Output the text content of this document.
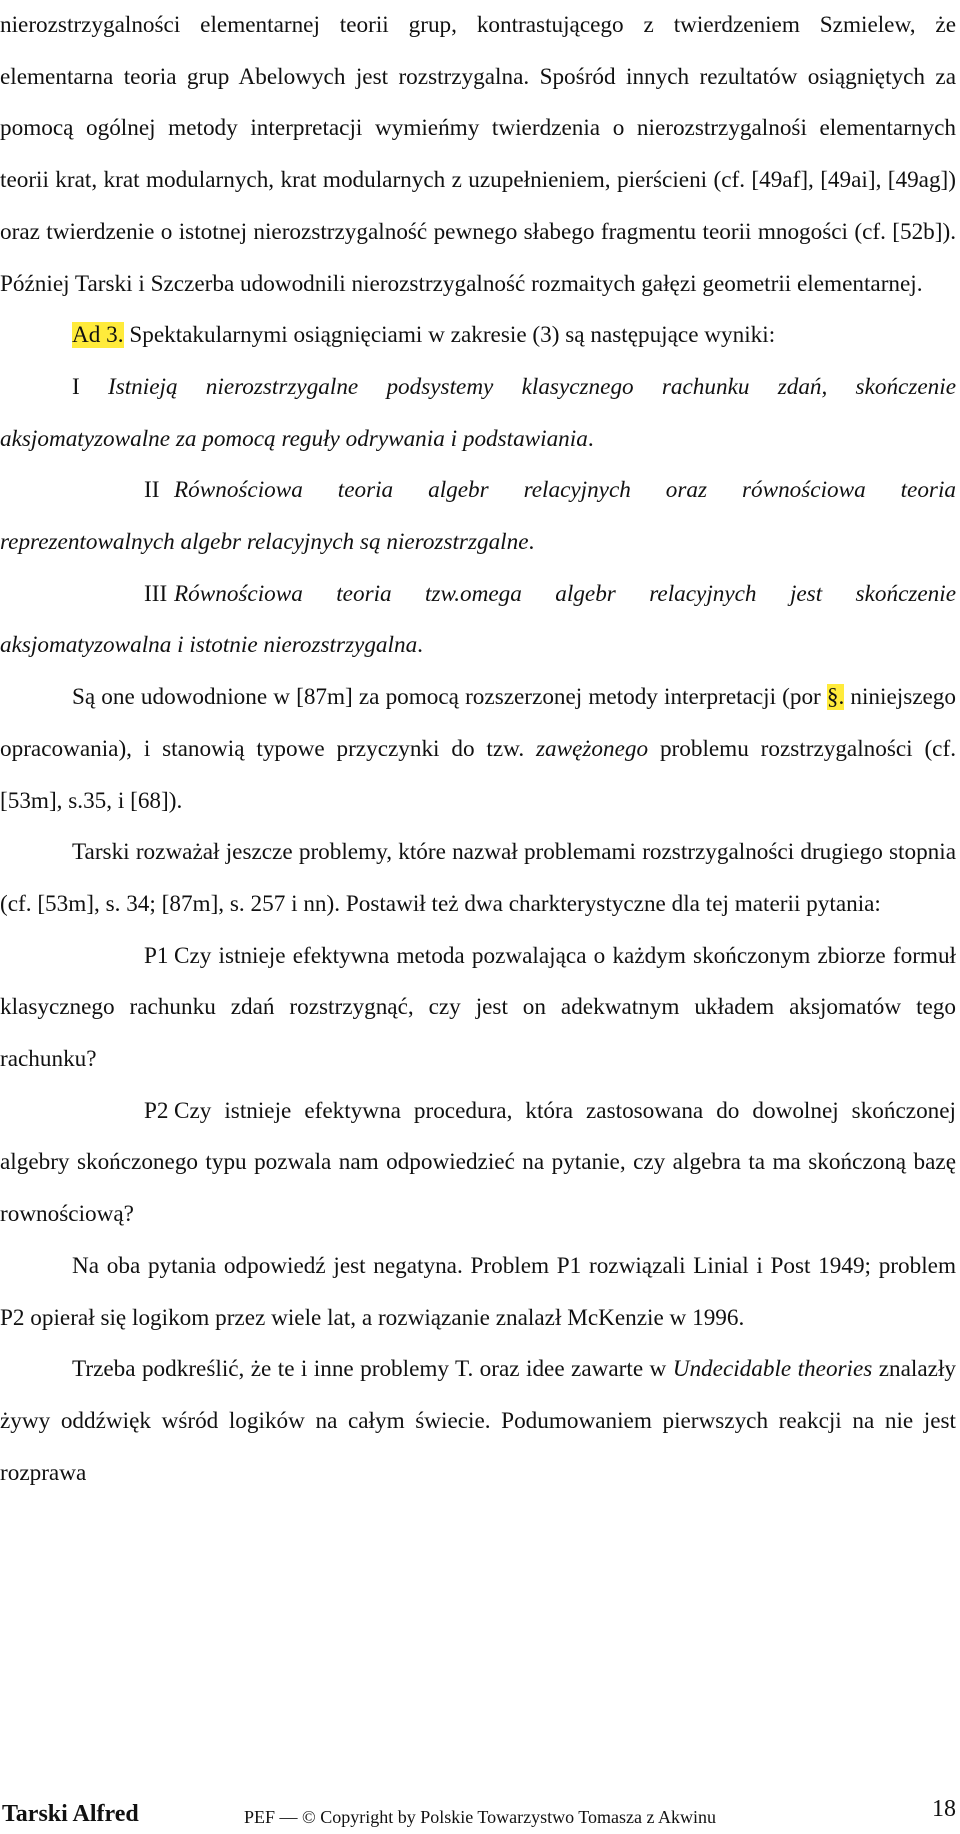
nierozstrzygalności elementarnej teorii grup, kontrastującego z twierdzeniem Szmielew, że elementarna teoria grup Abelowych jest rozstrzygalna. Spośród innych rezultatów osiągniętych za pomocą ogólnej metody interpretacji wymieńmy twierdzenia o nierozstrzygalnośi elementarnych teorii krat, krat modularnych, krat modularnych z uzupełnieniem, pierścieni (cf. [49af], [49ai], [49ag]) oraz twierdzenie o istotnej nierozstrzygalność pewnego słabego fragmentu teorii mnogości (cf. [52b]). Później Tarski i Szczerba udowodnili nierozstrzygalność rozmaitych gałęzi geometrii elementarnej.

Ad 3. Spektakularnymi osiągnięciami w zakresie (3) są następujące wyniki:

I Istnieją nierozstrzygalne podsystemy klasycznego rachunku zdań, skończenie aksjomatyzowalne za pomocą reguły odrywania i podstawiania.

II Równościowa teoria algebr relacyjnych oraz równościowa teoria reprezentowalnych algebr relacyjnych są nierozstrzgalne.

III Równościowa teoria tzw.omega algebr relacyjnych jest skończenie aksjomatyzowalna i istotnie nierozstrzygalna.

Są one udowodnione w [87m] za pomocą rozszerzonej metody interpretacji (por §. niniejszego opracowania), i stanowią typowe przyczynki do tzw. zawężonego problemu rozstrzygalności (cf. [53m], s.35, i [68]).

Tarski rozważał jeszcze problemy, które nazwał problemami rozstrzygalności drugiego stopnia (cf. [53m], s. 34; [87m], s. 257 i nn). Postawił też dwa charkterystyczne dla tej materii pytania:

P1 Czy istnieje efektywna metoda pozwalająca o każdym skończonym zbiorze formuł klasycznego rachunku zdań rozstrzygnąć, czy jest on adekwatnym układem aksjomatów tego rachunku?

P2 Czy istnieje efektywna procedura, która zastosowana do dowolnej skończonej algebry skończonego typu pozwala nam odpowiedzieć na pytanie, czy algebra ta ma skończoną bazę rownościową?

Na oba pytania odpowiedź jest negatyna. Problem P1 rozwiązali Linial i Post 1949; problem P2 opierał się logikom przez wiele lat, a rozwiązanie znalazł McKenzie w 1996.

Trzeba podkreślić, że te i inne problemy T. oraz idee zawarte w Undecidable theories znalazły żywy oddźwięk wśród logików na całym świecie. Podumowaniem pierwszych reakcji na nie jest rozprawa

Tarski Alfred	PEF — © Copyright by Polskie Towarzystwo Tomasza z Akwinu	18
